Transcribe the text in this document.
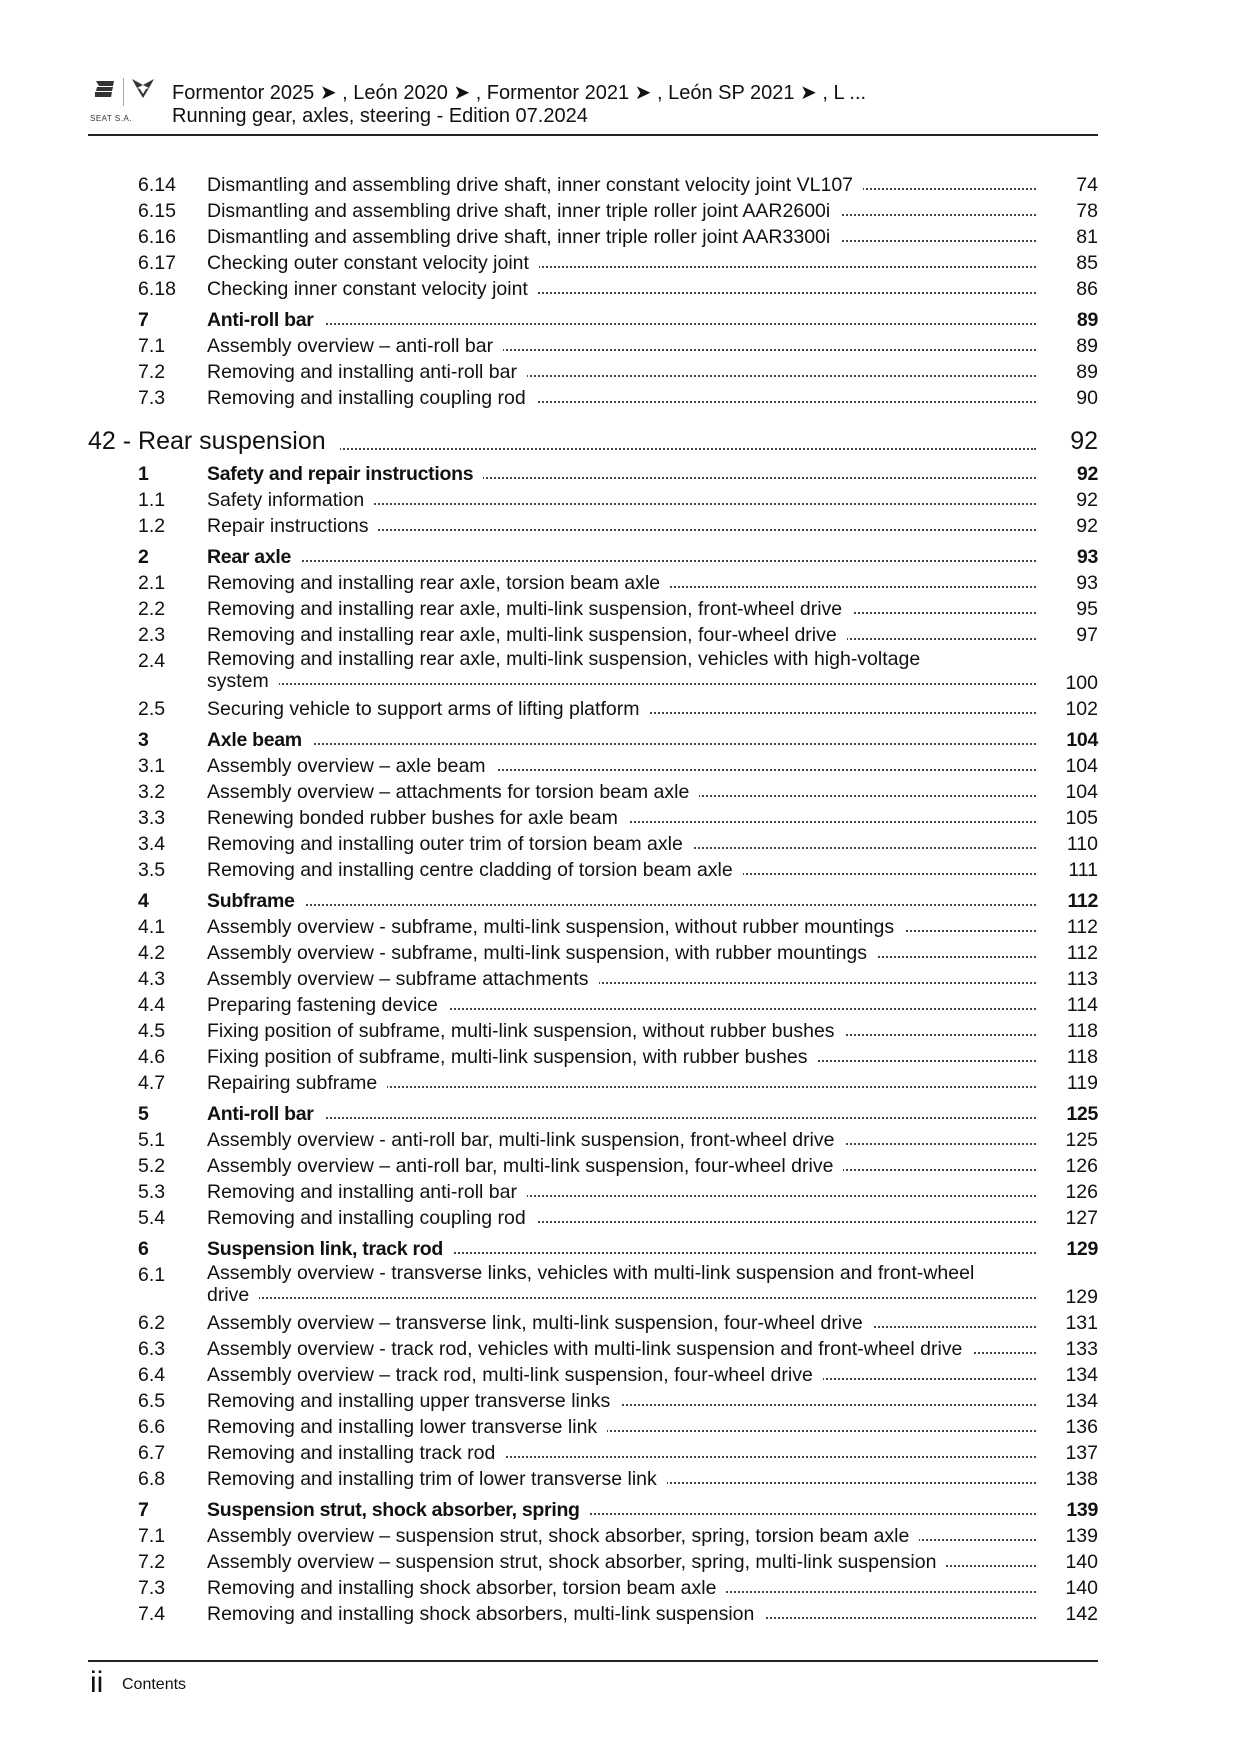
SEAT S.A.
Formentor 2025 ➤ , León 2020 ➤ , Formentor 2021 ➤ , León SP 2021 ➤ , L ...
Running gear, axles, steering - Edition 07.2024
6.14 Dismantling and assembling drive shaft, inner constant velocity joint VL107	74
6.15 Dismantling and assembling drive shaft, inner triple roller joint AAR2600i	78
6.16 Dismantling and assembling drive shaft, inner triple roller joint AAR3300i	81
6.17 Checking outer constant velocity joint	85
6.18 Checking inner constant velocity joint	86
7	Anti-roll bar	89
7.1 Assembly overview – anti-roll bar	89
7.2 Removing and installing anti-roll bar	89
7.3 Removing and installing coupling rod	90
42 - Rear suspension	92
1	Safety and repair instructions	92
1.1 Safety information	92
1.2 Repair instructions	92
2	Rear axle	93
2.1 Removing and installing rear axle, torsion beam axle	93
2.2 Removing and installing rear axle, multi-link suspension, front-wheel drive	95
2.3 Removing and installing rear axle, multi-link suspension, four-wheel drive	97
2.4 Removing and installing rear axle, multi-link suspension, vehicles with high-voltage
system	100
2.5 Securing vehicle to support arms of lifting platform	102
3	Axle beam	104
3.1 Assembly overview – axle beam	104
3.2 Assembly overview – attachments for torsion beam axle	104
3.3 Renewing bonded rubber bushes for axle beam	105
3.4 Removing and installing outer trim of torsion beam axle	110
3.5 Removing and installing centre cladding of torsion beam axle	111
4	Subframe	112
4.1 Assembly overview - subframe, multi-link suspension, without rubber mountings	112
4.2 Assembly overview - subframe, multi-link suspension, with rubber mountings	112
4.3 Assembly overview – subframe attachments	113
4.4 Preparing fastening device	114
4.5 Fixing position of subframe, multi-link suspension, without rubber bushes	118
4.6 Fixing position of subframe, multi-link suspension, with rubber bushes	118
4.7 Repairing subframe	119
5	Anti-roll bar	125
5.1 Assembly overview - anti-roll bar, multi-link suspension, front-wheel drive	125
5.2 Assembly overview – anti-roll bar, multi-link suspension, four-wheel drive	126
5.3 Removing and installing anti-roll bar	126
5.4 Removing and installing coupling rod	127
6	Suspension link, track rod	129
6.1 Assembly overview - transverse links, vehicles with multi-link suspension and front-wheel
drive	129
6.2 Assembly overview – transverse link, multi-link suspension, four-wheel drive	131
6.3 Assembly overview - track rod, vehicles with multi-link suspension and front-wheel drive	133
6.4 Assembly overview – track rod, multi-link suspension, four-wheel drive	134
6.5 Removing and installing upper transverse links	134
6.6 Removing and installing lower transverse link	136
6.7 Removing and installing track rod	137
6.8 Removing and installing trim of lower transverse link	138
7	Suspension strut, shock absorber, spring	139
7.1 Assembly overview – suspension strut, shock absorber, spring, torsion beam axle	139
7.2 Assembly overview – suspension strut, shock absorber, spring, multi-link suspension	140
7.3 Removing and installing shock absorber, torsion beam axle	140
7.4 Removing and installing shock absorbers, multi-link suspension	142
ii Contents
